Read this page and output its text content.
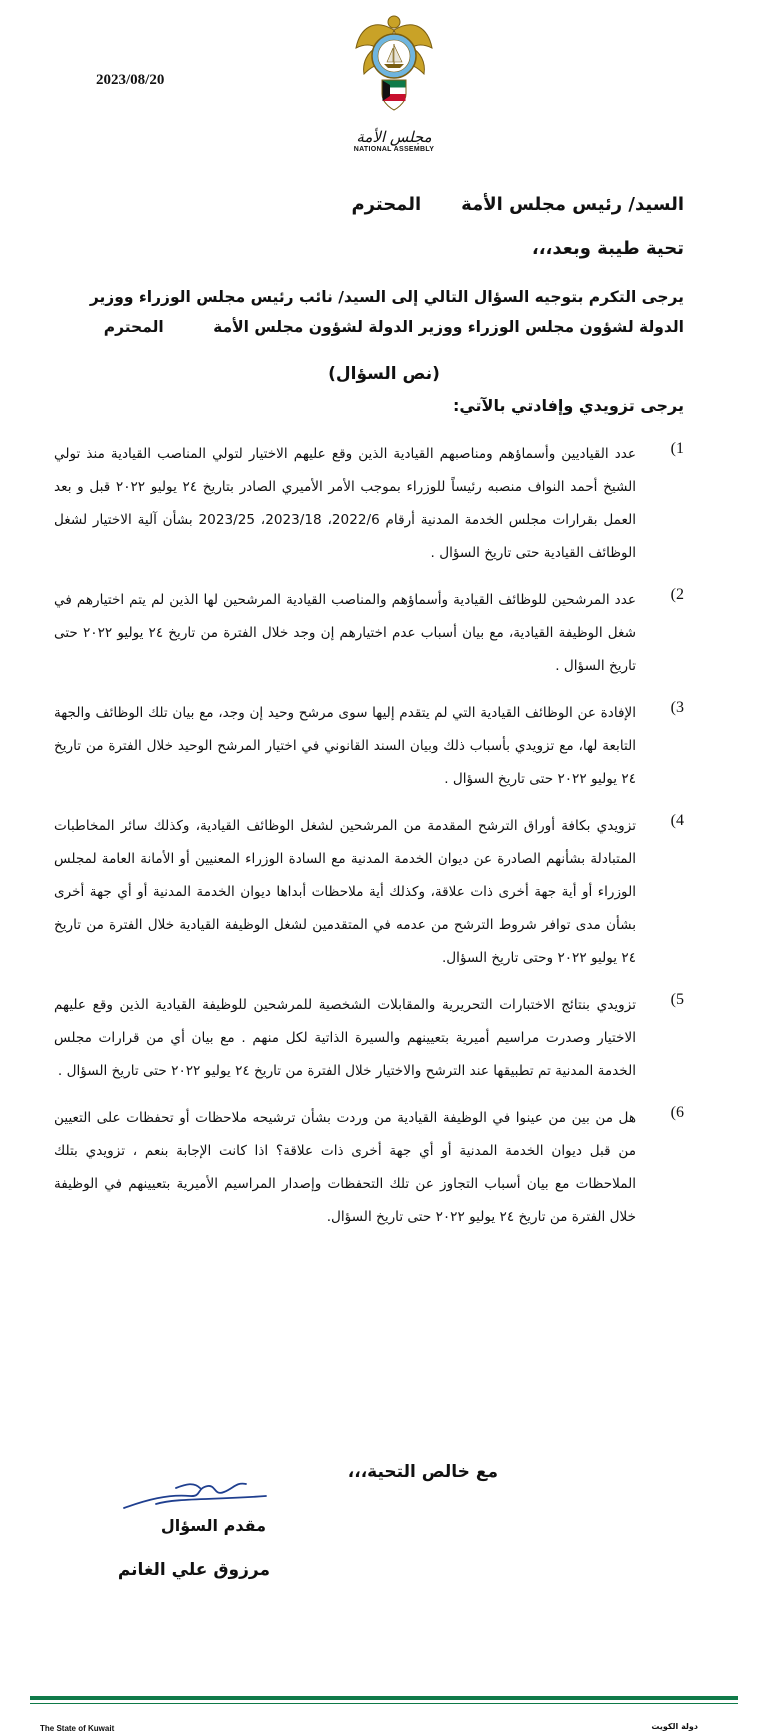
2023/08/20
مجلس الأمة
NATIONAL ASSEMBLY
السيد/ رئيس مجلس الأمة
المحترم
تحية طيبة وبعد،،،
يرجى التكرم بتوجيه السؤال التالي إلى السيد/ نائب رئيس مجلس الوزراء ووزير الدولة لشؤون مجلس الوزراء ووزير الدولة لشؤون مجلس الأمة المحترم
(نص السؤال)
يرجى تزويدي وإفادتي بالآتي:
(1
عدد القياديين وأسماؤهم ومناصبهم القيادية الذين وقع عليهم الاختيار لتولي المناصب القيادية منذ تولي الشيخ أحمد النواف منصبه رئيساً للوزراء بموجب الأمر الأميري الصادر بتاريخ ٢٤ يوليو ٢٠٢٢ قبل و بعد العمل بقرارات مجلس الخدمة المدنية أرقام 2022/6، 2023/18، 2023/25 بشأن آلية الاختيار لشغل الوظائف القيادية حتى تاريخ السؤال .
(2
عدد المرشحين للوظائف القيادية وأسماؤهم والمناصب القيادية المرشحين لها الذين لم يتم اختيارهم في شغل الوظيفة القيادية، مع بيان أسباب عدم اختيارهم إن وجد خلال الفترة من تاريخ ٢٤ يوليو ٢٠٢٢ حتى تاريخ السؤال .
(3
الإفادة عن الوظائف القيادية التي لم يتقدم إليها سوى مرشح وحيد إن وجد، مع بيان تلك الوظائف والجهة التابعة لها، مع تزويدي بأسباب ذلك وبيان السند القانوني في اختيار المرشح الوحيد خلال الفترة من تاريخ ٢٤ يوليو ٢٠٢٢ حتى تاريخ السؤال .
(4
تزويدي بكافة أوراق الترشح المقدمة من المرشحين لشغل الوظائف القيادية، وكذلك سائر المخاطبات المتبادلة بشأنهم الصادرة عن ديوان الخدمة المدنية مع السادة الوزراء المعنيين أو الأمانة العامة لمجلس الوزراء أو أية جهة أخرى ذات علاقة، وكذلك أية ملاحظات أبداها ديوان الخدمة المدنية أو أي جهة أخرى بشأن مدى توافر شروط الترشح من عدمه في المتقدمين لشغل الوظيفة القيادية خلال الفترة من تاريخ ٢٤ يوليو ٢٠٢٢ وحتى تاريخ السؤال.
(5
تزويدي بنتائج الاختبارات التحريرية والمقابلات الشخصية للمرشحين للوظيفة القيادية الذين وقع عليهم الاختيار وصدرت مراسيم أميرية بتعيينهم والسيرة الذاتية لكل منهم . مع بيان أي من قرارات مجلس الخدمة المدنية تم تطبيقها عند الترشح والاختيار خلال الفترة من تاريخ ٢٤ يوليو ٢٠٢٢ حتى تاريخ السؤال .
(6
هل من بين من عينوا في الوظيفة القيادية من وردت بشأن ترشيحه ملاحظات أو تحفظات على التعيين من قبل ديوان الخدمة المدنية أو أي جهة أخرى ذات علاقة؟ اذا كانت الإجابة بنعم ، تزويدي بتلك الملاحظات مع بيان أسباب التجاوز عن تلك التحفظات وإصدار المراسيم الأميرية بتعيينهم في الوظيفة خلال الفترة من تاريخ ٢٤ يوليو ٢٠٢٢ حتى تاريخ السؤال.
مع خالص التحية،،،
مقدم السؤال
مرزوق علي الغانم
The State of Kuwait	دولة الكويت
